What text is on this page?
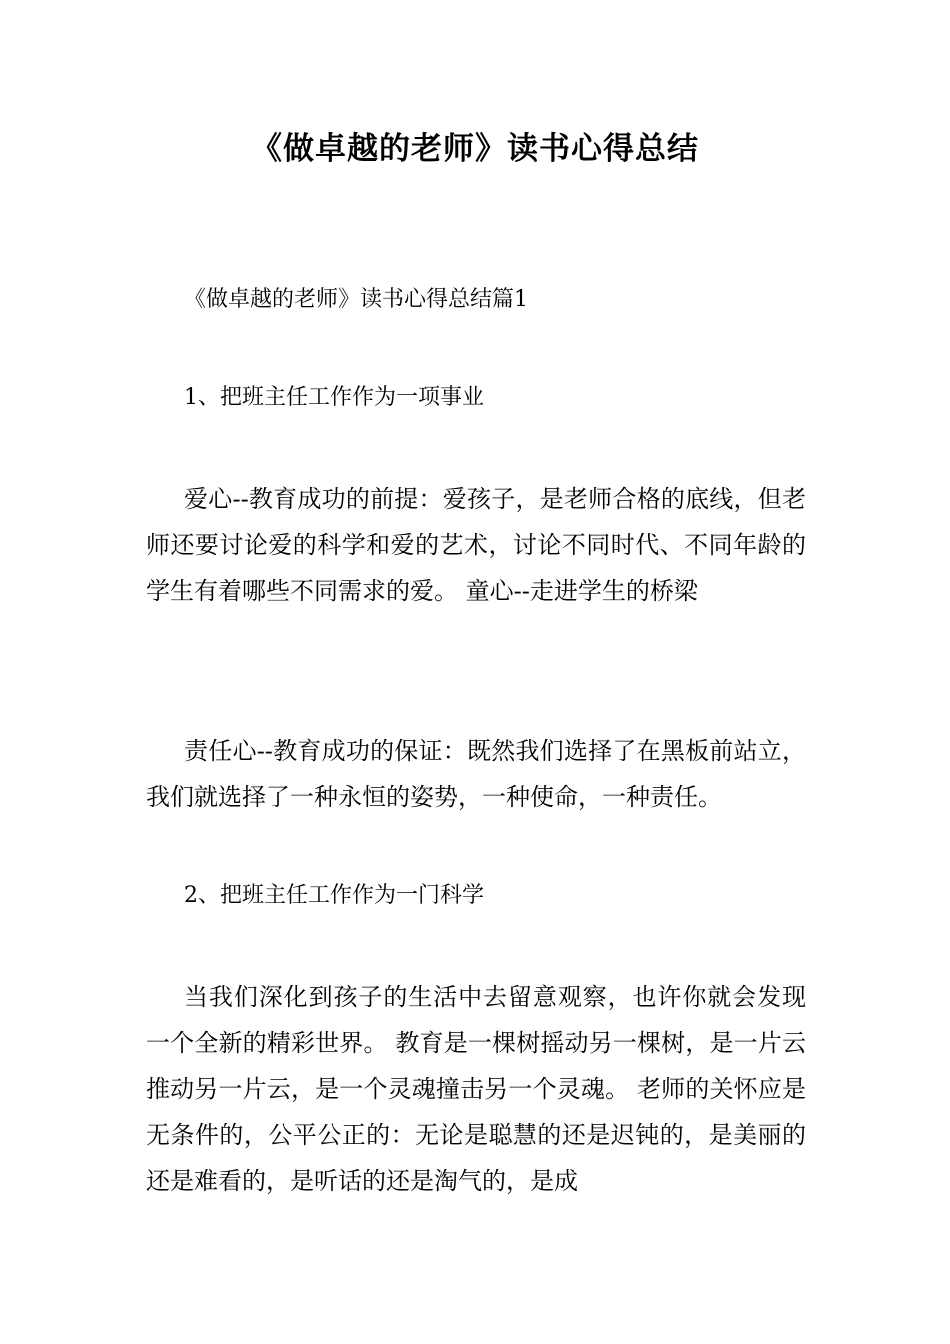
《做卓越的老师》读书心得总结

《做卓越的老师》读书心得总结篇1

1、把班主任工作作为一项事业

爱心--教育成功的前提：爱孩子，是老师合格的底线，但老师还要讨论爱的科学和爱的艺术，讨论不同时代、不同年龄的学生有着哪些不同需求的爱。 童心--走进学生的桥梁

责任心--教育成功的保证：既然我们选择了在黑板前站立，我们就选择了一种永恒的姿势，一种使命，一种责任。

2、把班主任工作作为一门科学

当我们深化到孩子的生活中去留意观察，也许你就会发现一个全新的精彩世界。 教育是一棵树摇动另一棵树，是一片云推动另一片云，是一个灵魂撞击另一个灵魂。 老师的关怀应是无条件的，公平公正的：无论是聪慧的还是迟钝的，是美丽的还是难看的，是听话的还是淘气的，是成
